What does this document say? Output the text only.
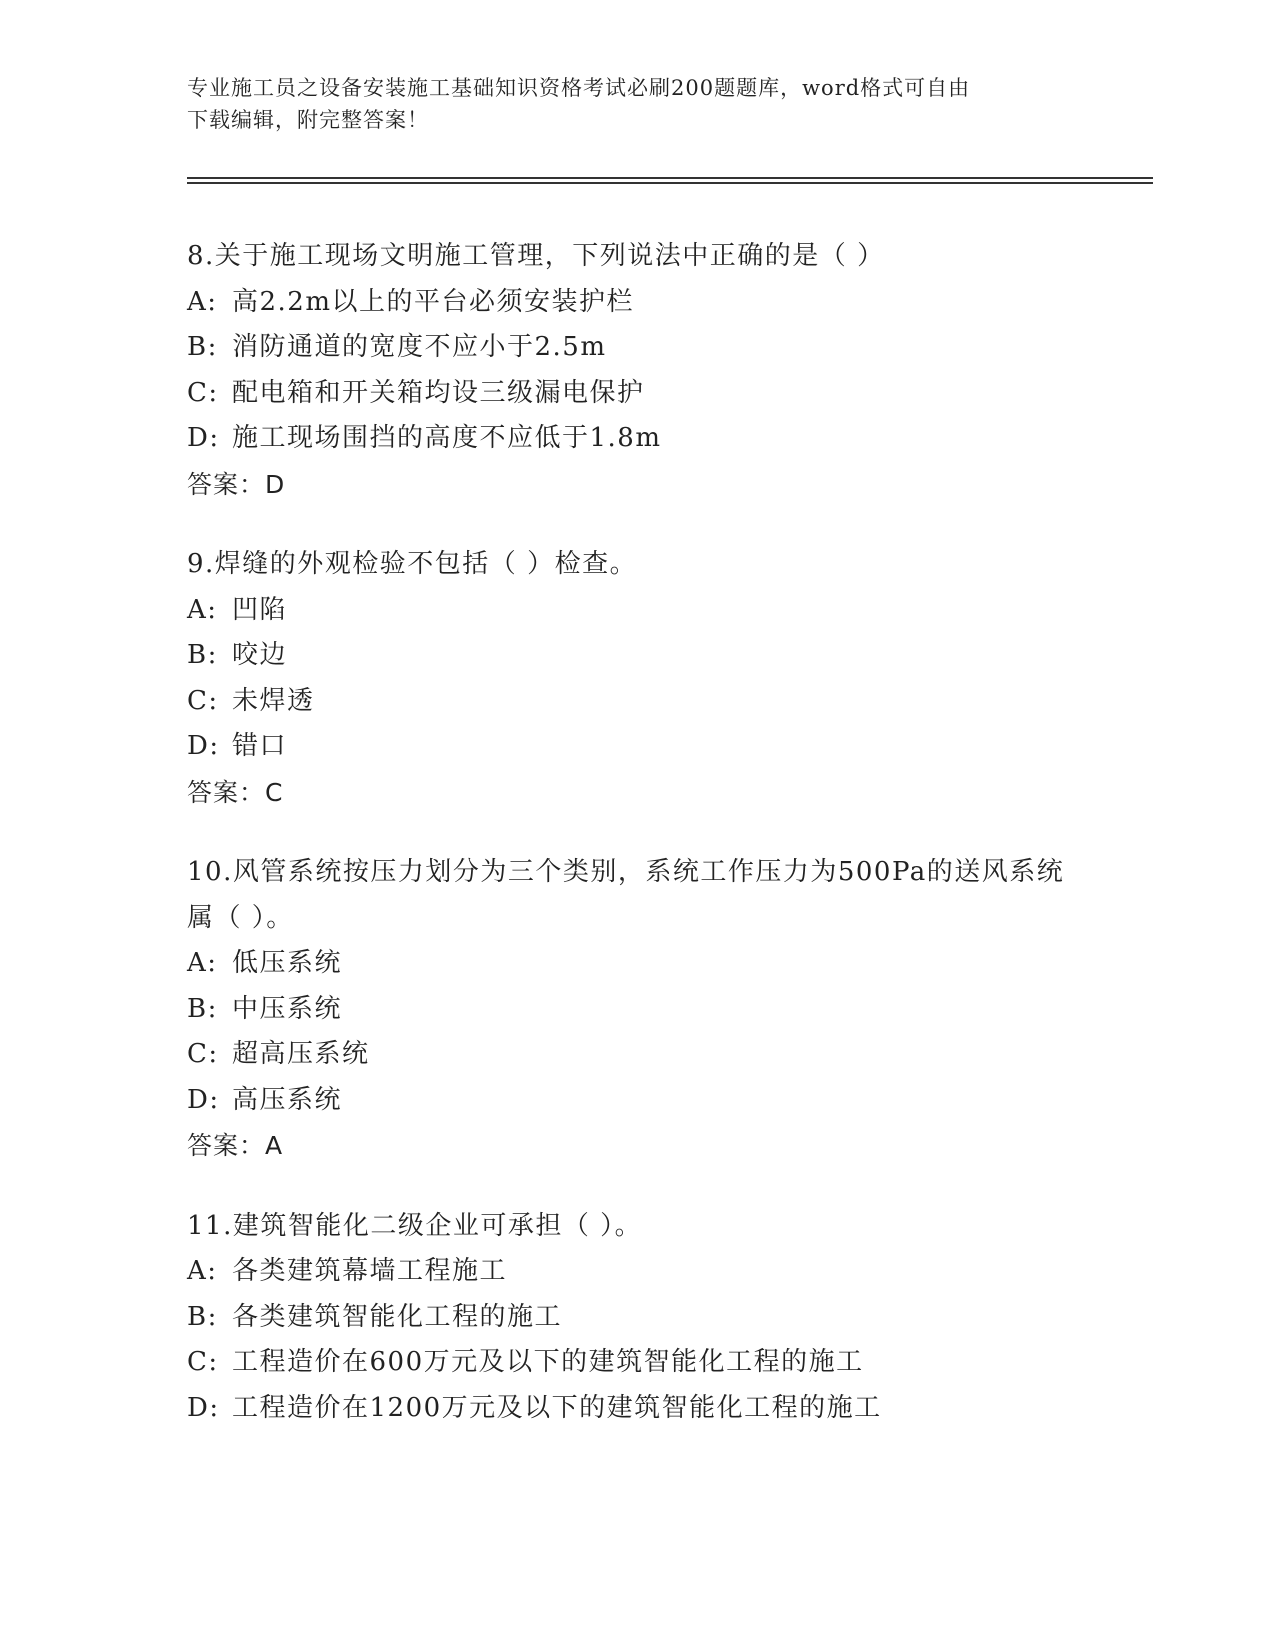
专业施工员之设备安装施工基础知识资格考试必刷200题题库，word格式可自由
下载编辑，附完整答案！
8.关于施工现场文明施工管理，下列说法中正确的是（ ）
A: 高2.2m以上的平台必须安装护栏
B: 消防通道的宽度不应小于2.5m
C: 配电箱和开关箱均设三级漏电保护
D: 施工现场围挡的高度不应低于1.8m
答案：D
9.焊缝的外观检验不包括（ ）检查。
A: 凹陷
B: 咬边
C: 未焊透
D: 错口
答案：C
10.风管系统按压力划分为三个类别，系统工作压力为500Pa的送风系统属（ ）。
A: 低压系统
B: 中压系统
C: 超高压系统
D: 高压系统
答案：A
11.建筑智能化二级企业可承担（ ）。
A: 各类建筑幕墙工程施工
B: 各类建筑智能化工程的施工
C: 工程造价在600万元及以下的建筑智能化工程的施工
D: 工程造价在1200万元及以下的建筑智能化工程的施工
